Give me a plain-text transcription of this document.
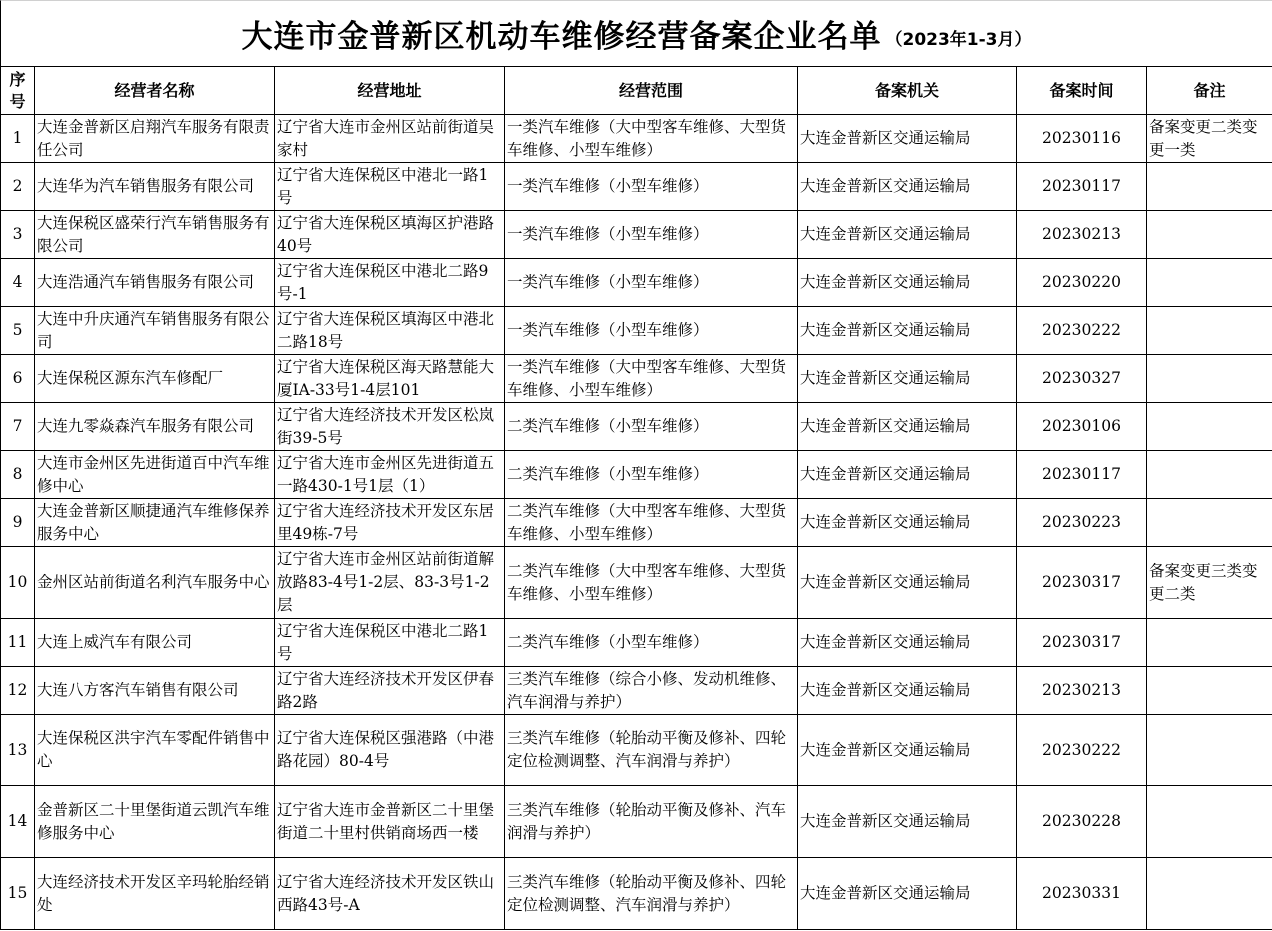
大连市金普新区机动车维修经营备案企业名单 （2023年1-3月）
序号	经营者名称	经营地址	经营范围	备案机关	备案时间	备注
1	大连金普新区启翔汽车服务有限责任公司	辽宁省大连市金州区站前街道吴家村	一类汽车维修（大中型客车维修、大型货车维修、小型车维修）	大连金普新区交通运输局	20230116	备案变更二类变更一类
2	大连华为汽车销售服务有限公司	辽宁省大连保税区中港北一路1号	一类汽车维修（小型车维修）	大连金普新区交通运输局	20230117	
3	大连保税区盛荣行汽车销售服务有限公司	辽宁省大连保税区填海区护港路40号	一类汽车维修（小型车维修）	大连金普新区交通运输局	20230213	
4	大连浩通汽车销售服务有限公司	辽宁省大连保税区中港北二路9号-1	一类汽车维修（小型车维修）	大连金普新区交通运输局	20230220	
5	大连中升庆通汽车销售服务有限公司	辽宁省大连保税区填海区中港北二路18号	一类汽车维修（小型车维修）	大连金普新区交通运输局	20230222	
6	大连保税区源东汽车修配厂	辽宁省大连保税区海天路慧能大厦IA-33号1-4层101	一类汽车维修（大中型客车维修、大型货车维修、小型车维修）	大连金普新区交通运输局	20230327	
7	大连九零焱森汽车服务有限公司	辽宁省大连经济技术开发区松岚街39-5号	二类汽车维修（小型车维修）	大连金普新区交通运输局	20230106	
8	大连市金州区先进街道百中汽车维修中心	辽宁省大连市金州区先进街道五一路430-1号1层（1）	二类汽车维修（小型车维修）	大连金普新区交通运输局	20230117	
9	大连金普新区顺捷通汽车维修保养服务中心	辽宁省大连经济技术开发区东居里49栋-7号	二类汽车维修（大中型客车维修、大型货车维修、小型车维修）	大连金普新区交通运输局	20230223	
10	金州区站前街道名利汽车服务中心	辽宁省大连市金州区站前街道解放路83-4号1-2层、83-3号1-2层	二类汽车维修（大中型客车维修、大型货车维修、小型车维修）	大连金普新区交通运输局	20230317	备案变更三类变更二类
11	大连上威汽车有限公司	辽宁省大连保税区中港北二路1号	二类汽车维修（小型车维修）	大连金普新区交通运输局	20230317	
12	大连八方客汽车销售有限公司	辽宁省大连经济技术开发区伊春路2路	三类汽车维修（综合小修、发动机维修、汽车润滑与养护）	大连金普新区交通运输局	20230213	
13	大连保税区洪宇汽车零配件销售中心	辽宁省大连保税区强港路（中港路花园）80-4号	三类汽车维修（轮胎动平衡及修补、四轮定位检测调整、汽车润滑与养护）	大连金普新区交通运输局	20230222	
14	金普新区二十里堡街道云凯汽车维修服务中心	辽宁省大连市金普新区二十里堡街道二十里村供销商场西一楼	三类汽车维修（轮胎动平衡及修补、汽车润滑与养护）	大连金普新区交通运输局	20230228	
15	大连经济技术开发区辛玛轮胎经销处	辽宁省大连经济技术开发区铁山西路43号-A	三类汽车维修（轮胎动平衡及修补、四轮定位检测调整、汽车润滑与养护）	大连金普新区交通运输局	20230331	
